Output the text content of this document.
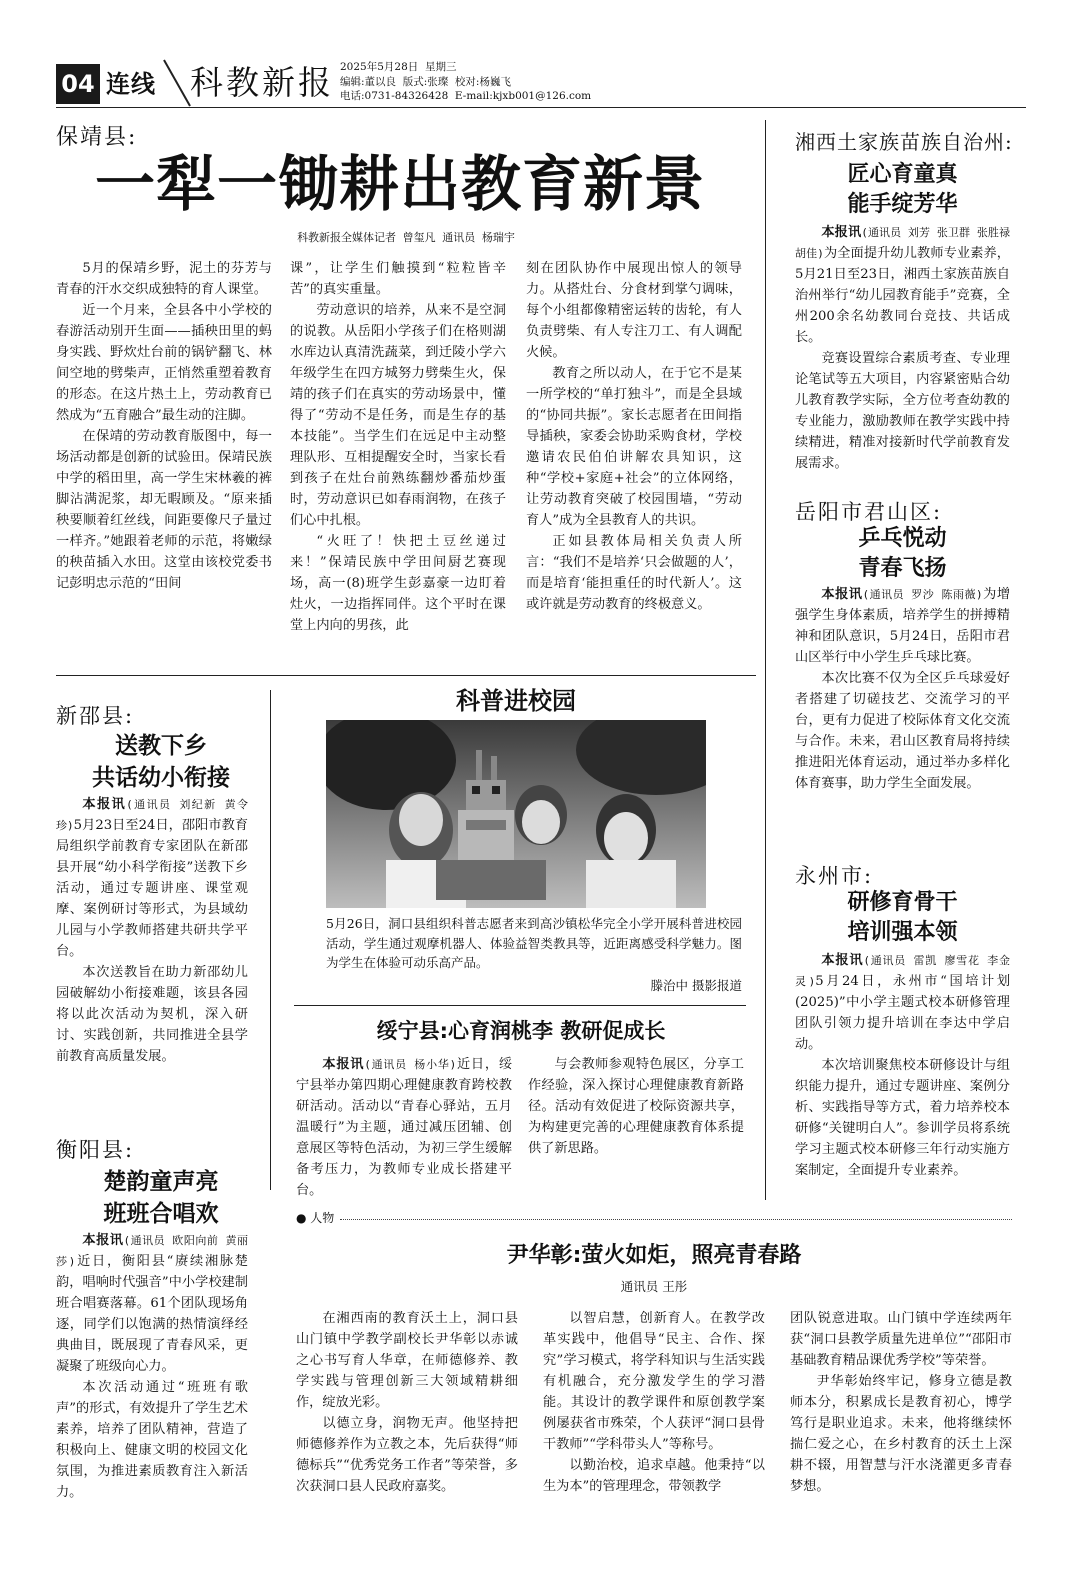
04 连线 科教新报 2025年5月28日  星期三
编辑:董以良  版式:张璨  校对:杨巍飞
电话:0731-84326428  E-mail:kjxb001@126.com
保靖县:
一犁一锄耕出教育新景
科教新报全媒体记者 曾玺凡 通讯员 杨瑞宇

5月的保靖乡野，泥土的芬芳与青春的汗水交织成独特的育人课堂。

近一个月来，全县各中小学校的春游活动别开生面——插秧田里的蚂身实践、野炊灶台前的锅铲翻飞、林间空地的劈柴声，正悄然重塑着教育的形态。在这片热土上，劳动教育已然成为“五育融合”最生动的注脚。

在保靖的劳动教育版图中，每一场活动都是创新的试验田。保靖民族中学的稻田里，高一学生宋林羲的裤脚沾满泥浆，却无暇顾及。“原来插秧要顺着红丝线，间距要像尺子量过一样齐。”她跟着老师的示范，将嫩绿的秧苗插入水田。这堂由该校党委书记彭明忠示范的“田间

课”，让学生们触摸到“粒粒皆辛苦”的真实重量。

劳动意识的培养，从来不是空洞的说教。从岳阳小学孩子们在格则湖水库边认真清洗蔬菜，到迁陵小学六年级学生在四方城努力劈柴生火，保靖的孩子们在真实的劳动场景中，懂得了“劳动不是任务，而是生存的基本技能”。当学生们在远足中主动整理队形、互相提醒安全时，当家长看到孩子在灶台前熟练翻炒番茄炒蛋时，劳动意识已如春雨润物，在孩子们心中扎根。

“火旺了！快把土豆丝递过来！”保靖民族中学田间厨艺赛现场，高一(8)班学生彭嘉豪一边盯着灶火，一边指挥同伴。这个平时在课堂上内向的男孩，此

刻在团队协作中展现出惊人的领导力。从搭灶台、分食材到掌勺调味，每个小组都像精密运转的齿轮，有人负责劈柴、有人专注刀工、有人调配火候。

教育之所以动人，在于它不是某一所学校的“单打独斗”，而是全县域的“协同共振”。家长志愿者在田间指导插秧，家委会协助采购食材，学校邀请农民伯伯讲解农具知识，这种“学校+家庭+社会”的立体网络，让劳动教育突破了校园围墙，“劳动育人”成为全县教育人的共识。

正如县教体局相关负责人所言：“我们不是培养‘只会做题的人’，而是培育‘能担重任的时代新人’。这或许就是劳动教育的终极意义。

湘西土家族苗族自治州:
匠心育童真
能手绽芳华

本报讯(通讯员 刘芳 张卫群 张胜禄 胡佳)为全面提升幼儿教师专业素养，5月21日至23日，湘西土家族苗族自治州举行“幼儿园教育能手”竞赛，全州200余名幼教同台竞技、共话成长。

竞赛设置综合素质考查、专业理论笔试等五大项目，内容紧密贴合幼儿教育教学实际，全方位考查幼教的专业能力，激励教师在教学实践中持续精进，精准对接新时代学前教育发展需求。

岳阳市君山区:
乒乓悦动
青春飞扬

本报讯(通讯员 罗沙 陈雨薇)为增强学生身体素质，培养学生的拼搏精神和团队意识，5月24日，岳阳市君山区举行中小学生乒乓球比赛。

本次比赛不仅为全区乒乓球爱好者搭建了切磋技艺、交流学习的平台，更有力促进了校际体育文化交流与合作。未来，君山区教育局将持续推进阳光体育运动，通过举办多样化体育赛事，助力学生全面发展。

永州市:
研修育骨干
培训强本领

本报讯(通讯员 雷凯 廖雪花 李金灵)5月24日，永州市“国培计划(2025)”中小学主题式校本研修管理团队引领力提升培训在李达中学启动。

本次培训聚焦校本研修设计与组织能力提升，通过专题讲座、案例分析、实践指导等方式，着力培养校本研修“关键明白人”。参训学员将系统学习主题式校本研修三年行动实施方案制定，全面提升专业素养。

新邵县:
送教下乡
共话幼小衔接

本报讯(通讯员 刘纪新 黄令珍)5月23日至24日，邵阳市教育局组织学前教育专家团队在新邵县开展“幼小科学衔接”送教下乡活动，通过专题讲座、课堂观摩、案例研讨等形式，为县域幼儿园与小学教师搭建共研共学平台。

本次送教旨在助力新邵幼儿园破解幼小衔接难题，该县各园将以此次活动为契机，深入研讨、实践创新，共同推进全县学前教育高质量发展。

衡阳县:
楚韵童声亮
班班合唱欢

本报讯(通讯员 欧阳向前 黄丽莎)近日，衡阳县“赓续湘脉楚韵，唱响时代强音”中小学校建制班合唱赛落幕。61个团队现场角逐，同学们以饱满的热情演绎经典曲目，既展现了青春风采，更凝聚了班级向心力。

本次活动通过“班班有歌声”的形式，有效提升了学生艺术素养，培养了团队精神，营造了积极向上、健康文明的校园文化氛围，为推进素质教育注入新活力。

科普进校园
5月26日，洞口县组织科普志愿者来到高沙镇松华完全小学开展科普进校园活动，学生通过观摩机器人、体验益智类教具等，近距离感受科学魅力。图为学生在体验可动乐高产品。
滕治中 摄影报道
绥宁县:心育润桃李 教研促成长

本报讯(通讯员 杨小华)近日，绥宁县举办第四期心理健康教育跨校教研活动。活动以“青春心驿站，五月温暖行”为主题，通过减压团辅、创意展区等特色活动，为初三学生缓解备考压力，为教师专业成长搭建平台。

与会教师参观特色展区，分享工作经验，深入探讨心理健康教育新路径。活动有效促进了校际资源共享，为构建更完善的心理健康教育体系提供了新思路。

● 人物
尹华彰:萤火如炬，照亮青春路
通讯员 王彤

在湘西南的教育沃土上，洞口县山门镇中学教学副校长尹华彰以赤诚之心书写育人华章，在师德修养、教学实践与管理创新三大领域精耕细作，绽放光彩。

以德立身，润物无声。他坚持把师德修养作为立教之本，先后获得“师德标兵”“优秀党务工作者”等荣誉，多次获洞口县人民政府嘉奖。

以智启慧，创新育人。在教学改革实践中，他倡导“民主、合作、探究”学习模式，将学科知识与生活实践有机融合，充分激发学生的学习潜能。其设计的教学课件和原创教学案例屡获省市殊荣，个人获评“洞口县骨干教师”“学科带头人”等称号。

以勤治校，追求卓越。他秉持“以生为本”的管理理念，带领教学

团队锐意进取。山门镇中学连续两年获“洞口县教学质量先进单位”“邵阳市基础教育精品课优秀学校”等荣誉。

尹华彰始终牢记，修身立德是教师本分，积累成长是教育初心，博学笃行是职业追求。未来，他将继续怀揣仁爱之心，在乡村教育的沃土上深耕不辍，用智慧与汗水浇灌更多青春梦想。
